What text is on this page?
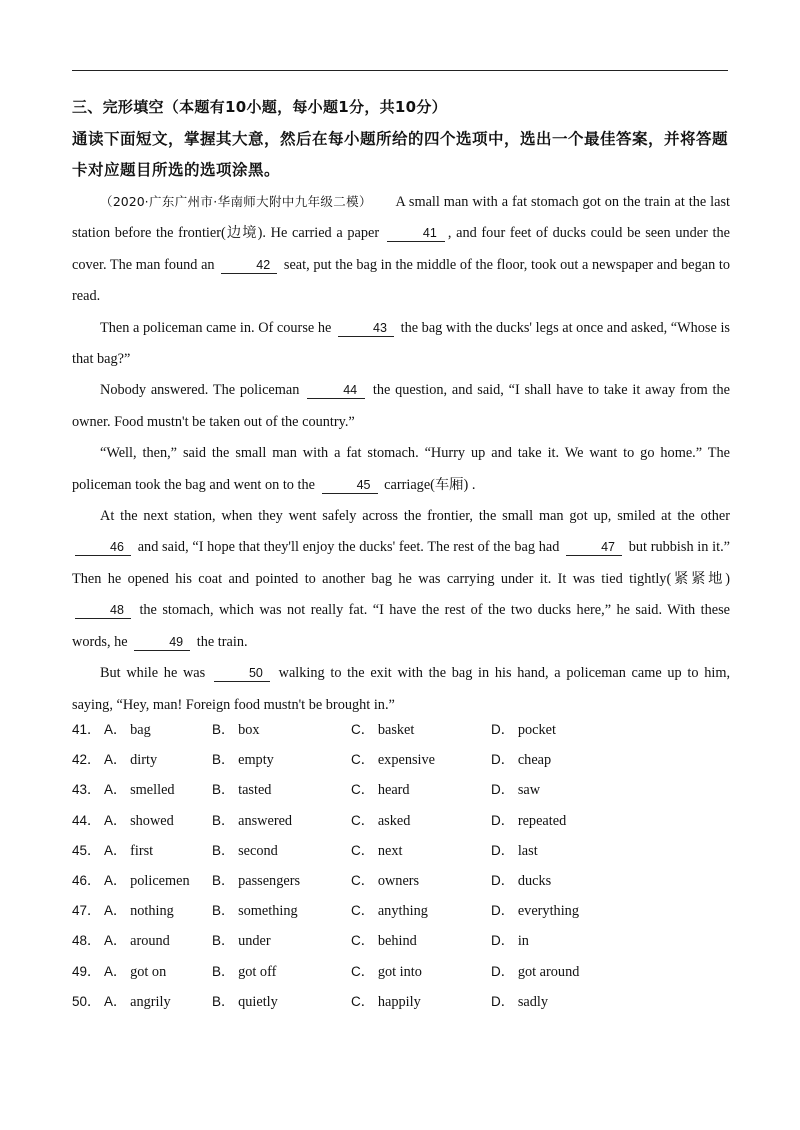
三、完形填空（本题有10小题，每小题1分，共10分）
通读下面短文，掌握其大意，然后在每小题所给的四个选项中，选出一个最佳答案，并将答题卡对应题目所选的选项涂黑。

（2020·广东广州市·华南师大附中九年级二模） A small man with a fat stomach got on the train at the last station before the frontier(边境). He carried a paper	41 , and four feet of ducks could be seen under the cover. The man found an	42 seat, put the bag in the middle of the floor, took out a newspaper and began to read.

Then a policeman came in. Of course he	43 the bag with the ducks' legs at once and asked, “Whose is that bag?”

Nobody answered. The policeman	44 the question, and said, “I shall have to take it away from the owner. Food mustn't be taken out of the country.”

“Well, then,” said the small man with a fat stomach. “Hurry up and take it. We want to go home.” The policeman took the bag and went on to the	45 carriage(车厢) .

At the next station, when they went safely across the frontier, the small man got up, smiled at the other 46 and said, “I hope that they'll enjoy the ducks' feet. The rest of the bag had	47 but rubbish in it.” Then he opened his coat and pointed to another bag he was carrying under it. It was tied tightly(紧紧地) 48 the stomach, which was not really fat. “I have the rest of the two ducks here,” he said. With these words, he	49 the train.

But while he was	50 walking to the exit with the bag in his hand, a policeman came up to him, saying, “Hey, man! Foreign food mustn't be brought in.”

41． A． bag	B． box	C． basket	D． pocket
42． A． dirty	B． empty	C． expensive	D． cheap
43． A． smelled	B． tasted	C． heard	D． saw
44． A． showed	B． answered	C． asked	D． repeated
45． A． first	B． second	C． next	D． last
46． A． policemen B． passengers	C． owners	D． ducks
47． A． nothing	B． something	C． anything	D． everything
48． A． around	B． under	C． behind	D． in
49． A． got on	B． got off	C． got into	D． got around
50． A． angrily	B． quietly	C． happily	D． sadly
